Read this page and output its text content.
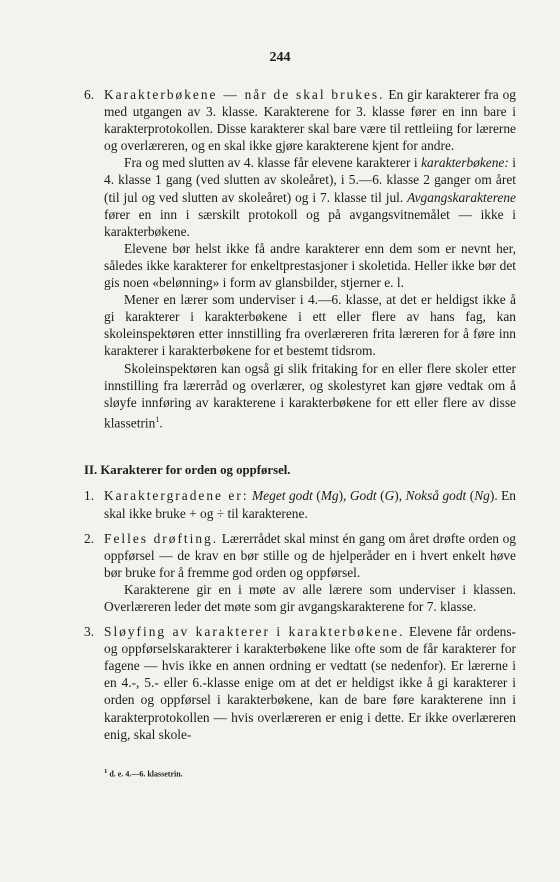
244
6. Karakterbøkene — når de skal brukes. En gir karakterer fra og med utgangen av 3. klasse. Karakterene for 3. klasse fører en inn bare i karakterprotokollen. Disse karakterer skal bare være til rettleiing for lærerne og overlæreren, og en skal ikke gjøre karakterene kjent for andre.

Fra og med slutten av 4. klasse får elevene karakterer i karakterbøkene: i 4. klasse 1 gang (ved slutten av skoleåret), i 5.—6. klasse 2 ganger om året (til jul og ved slutten av skoleåret) og i 7. klasse til jul. Avgangskarakterene fører en inn i særskilt protokoll og på avgangsvitnemålet — ikke i karakterbøkene.

Elevene bør helst ikke få andre karakterer enn dem som er nevnt her, således ikke karakterer for enkeltprestasjoner i skoletida. Heller ikke bør det gis noen «belønning» i form av glansbilder, stjerner e. l.

Mener en lærer som underviser i 4.—6. klasse, at det er heldigst ikke å gi karakterer i karakterbøkene i ett eller flere av hans fag, kan skoleinspektøren etter innstilling fra overlæreren frita læreren for å føre inn karakterer i karakterbøkene for et bestemt tidsrom.

Skoleinspektøren kan også gi slik fritaking for en eller flere skoler etter innstilling fra lærerråd og overlærer, og skolestyret kan gjøre vedtak om å sløyfe innføring av karakterene i karakterbøkene for ett eller flere av disse klassetrin$^1$.

II. Karakterer for orden og oppførsel.

1. Karaktergradene er: Meget godt (Mg), Godt (G), Nokså godt (Ng). En skal ikke bruke + og ÷ til karakterene.

2. Felles drøfting. Lærerrådet skal minst én gang om året drøfte orden og oppførsel — de krav en bør stille og de hjelperåder en i hvert enkelt høve bør bruke for å fremme god orden og oppførsel.

Karakterene gir en i møte av alle lærere som underviser i klassen. Overlæreren leder det møte som gir avgangskarakterene for 7. klasse.

3. Sløyfing av karakterer i karakterbøkene. Elevene får ordens- og oppførselskarakterer i karakterbøkene like ofte som de får karakterer for fagene — hvis ikke en annen ordning er vedtatt (se nedenfor). Er lærerne i en 4.-, 5.- eller 6.-klasse enige om at det er heldigst ikke å gi karakterer i orden og oppførsel i karakterbøkene, kan de bare føre karakterene inn i karakterprotokollen — hvis overlæreren er enig i dette. Er ikke overlæreren enig, skal skole-

$^1$ d. e. 4.—6. klassetrin.
